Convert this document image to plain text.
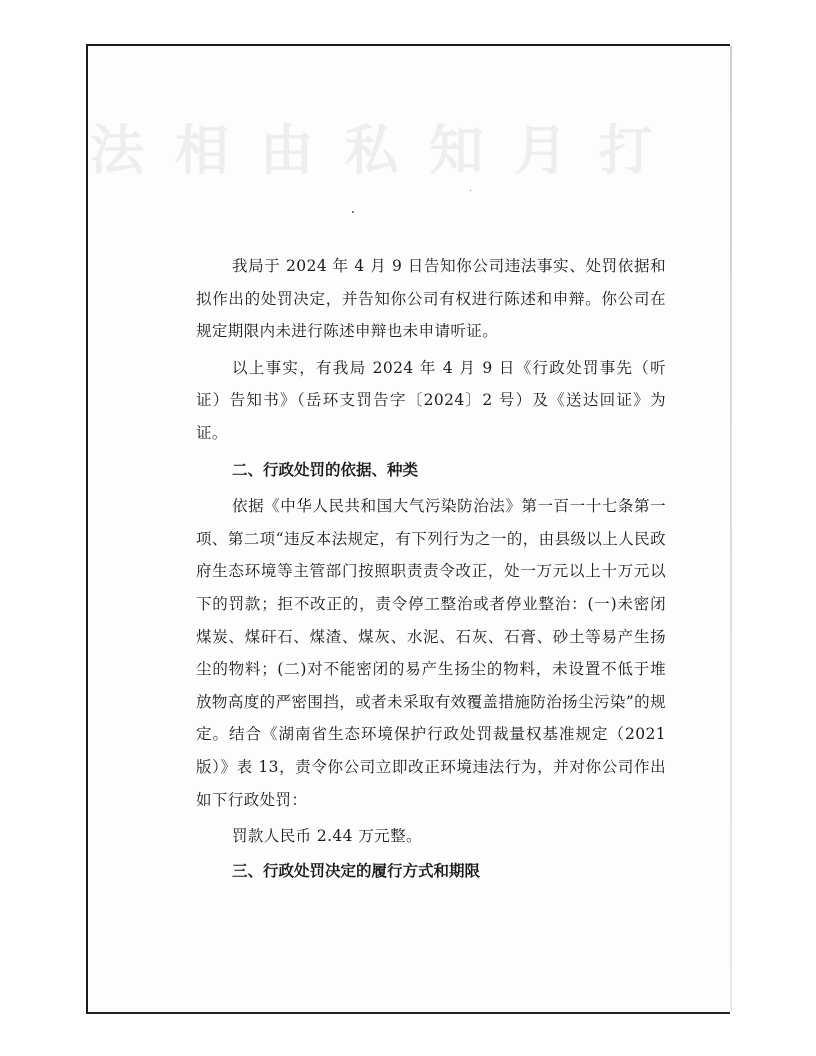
法 相 由 私 知 月 打

我局于 2024 年 4 月 9 日告知你公司违法事实、处罚依据和拟作出的处罚决定，并告知你公司有权进行陈述和申辩。你公司在规定期限内未进行陈述申辩也未申请听证。

以上事实，有我局 2024 年 4 月 9 日《行政处罚事先（听证）告知书》（岳环支罚告字〔2024〕2 号）及《送达回证》为证。

二、行政处罚的依据、种类

依据《中华人民共和国大气污染防治法》第一百一十七条第一项、第二项“违反本法规定，有下列行为之一的，由县级以上人民政府生态环境等主管部门按照职责责令改正，处一万元以上十万元以下的罚款；拒不改正的，责令停工整治或者停业整治：(一)未密闭煤炭、煤矸石、煤渣、煤灰、水泥、石灰、石膏、砂土等易产生扬尘的物料；(二)对不能密闭的易产生扬尘的物料，未设置不低于堆放物高度的严密围挡，或者未采取有效覆盖措施防治扬尘污染”的规定。结合《湖南省生态环境保护行政处罚裁量权基准规定（2021版）》表 13，责令你公司立即改正环境违法行为，并对你公司作出如下行政处罚：

罚款人民币 2.44 万元整。

三、行政处罚决定的履行方式和期限
